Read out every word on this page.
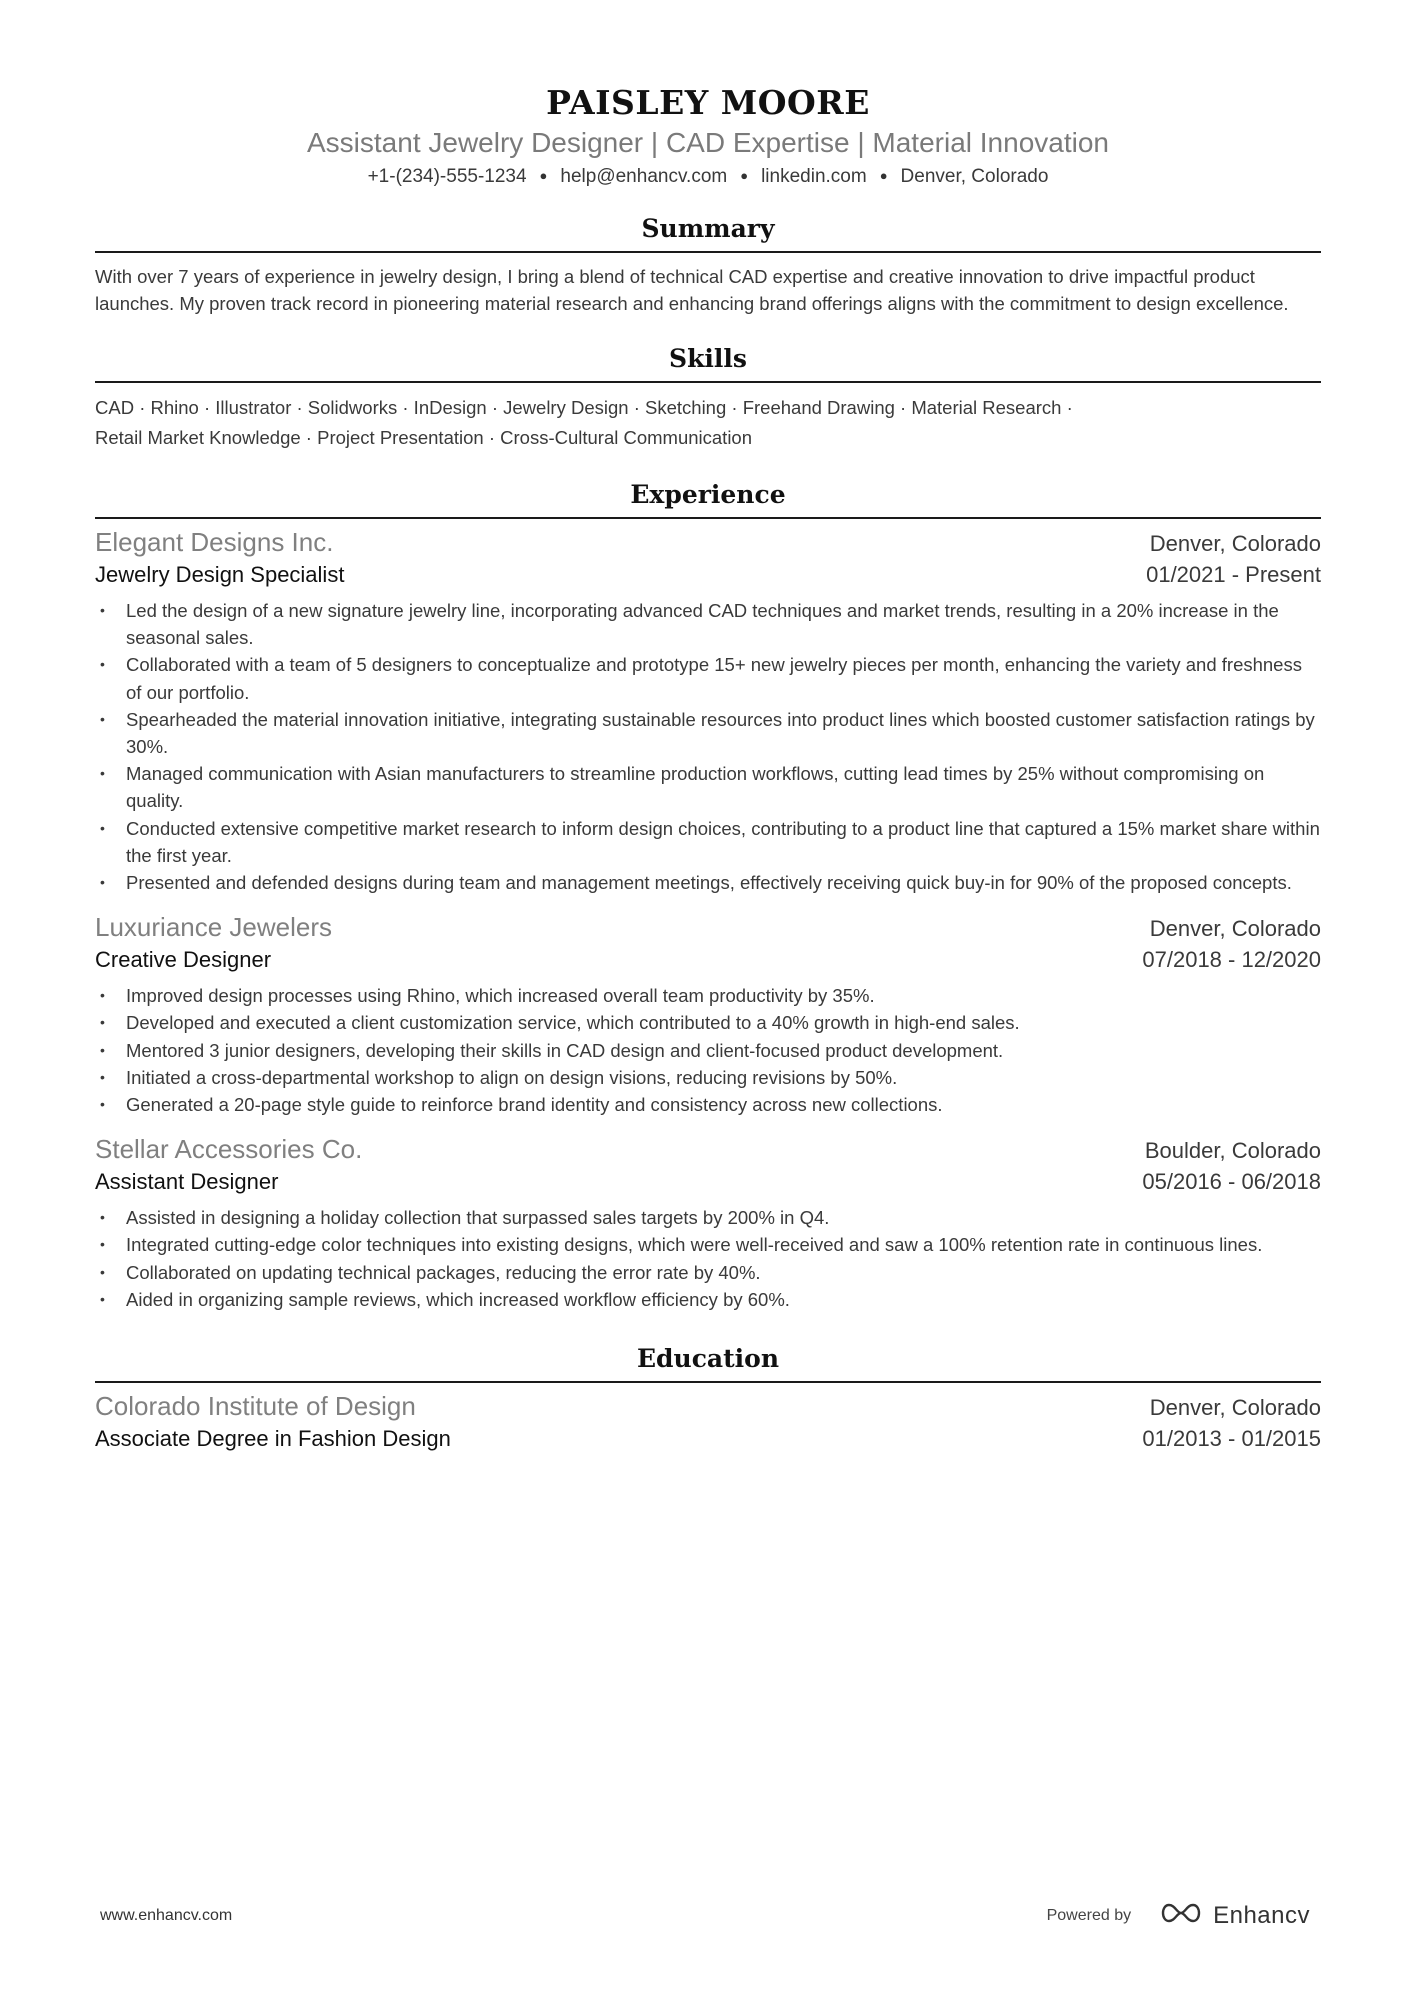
PAISLEY MOORE
Assistant Jewelry Designer | CAD Expertise | Material Innovation
+1-(234)-555-1234 ● help@enhancv.com ● linkedin.com ● Denver, Colorado
Summary
With over 7 years of experience in jewelry design, I bring a blend of technical CAD expertise and creative innovation to drive impactful product launches. My proven track record in pioneering material research and enhancing brand offerings aligns with the commitment to design excellence.
Skills
CAD · Rhino · Illustrator · Solidworks · InDesign · Jewelry Design · Sketching · Freehand Drawing · Material Research ·
Retail Market Knowledge · Project Presentation · Cross-Cultural Communication
Experience
Elegant Designs Inc.	Denver, Colorado
Jewelry Design Specialist	01/2021 - Present
• Led the design of a new signature jewelry line, incorporating advanced CAD techniques and market trends, resulting in a 20% increase in the seasonal sales.
• Collaborated with a team of 5 designers to conceptualize and prototype 15+ new jewelry pieces per month, enhancing the variety and freshness of our portfolio.
• Spearheaded the material innovation initiative, integrating sustainable resources into product lines which boosted customer satisfaction ratings by 30%.
• Managed communication with Asian manufacturers to streamline production workflows, cutting lead times by 25% without compromising on quality.
• Conducted extensive competitive market research to inform design choices, contributing to a product line that captured a 15% market share within the first year.
• Presented and defended designs during team and management meetings, effectively receiving quick buy-in for 90% of the proposed concepts.
Luxuriance Jewelers	Denver, Colorado
Creative Designer	07/2018 - 12/2020
• Improved design processes using Rhino, which increased overall team productivity by 35%.
• Developed and executed a client customization service, which contributed to a 40% growth in high-end sales.
• Mentored 3 junior designers, developing their skills in CAD design and client-focused product development.
• Initiated a cross-departmental workshop to align on design visions, reducing revisions by 50%.
• Generated a 20-page style guide to reinforce brand identity and consistency across new collections.
Stellar Accessories Co.	Boulder, Colorado
Assistant Designer	05/2016 - 06/2018
• Assisted in designing a holiday collection that surpassed sales targets by 200% in Q4.
• Integrated cutting-edge color techniques into existing designs, which were well-received and saw a 100% retention rate in continuous lines.
• Collaborated on updating technical packages, reducing the error rate by 40%.
• Aided in organizing sample reviews, which increased workflow efficiency by 60%.
Education
Colorado Institute of Design	Denver, Colorado
Associate Degree in Fashion Design	01/2013 - 01/2015
www.enhancv.com	Powered by	Enhancv
